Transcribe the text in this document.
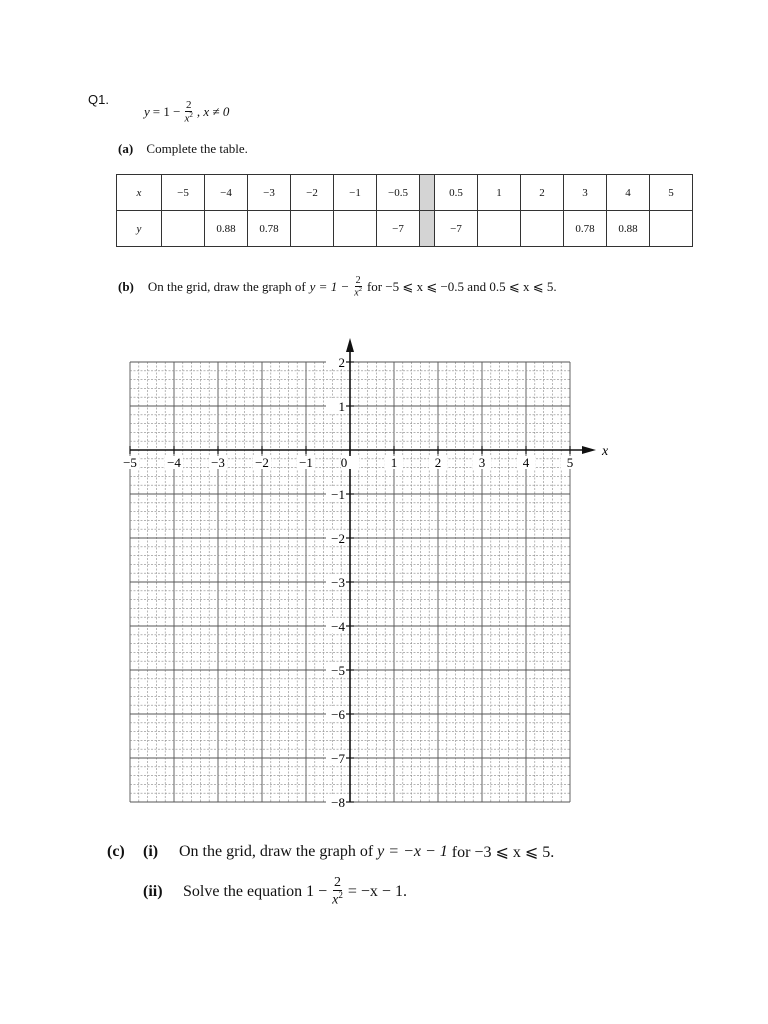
Q1.
$y = 1 - \frac{2}{x^2}$ , x ≠ 0
(a) Complete the table.
x	−5	−4	−3	−2	−1	−0.5		0.5	1	2	3	4	5
y		0.88	0.78			−7		−7			0.78	0.88	
(b) On the grid, draw the graph of $y = 1 - \frac{2}{x^2}$ for −5 ⩽ x ⩽ −0.5 and 0.5 ⩽ x ⩽ 5.
x
−5 −4 −3 −2 −1 0	1	2	3	4	5
2
1
−1
−2
−3
−4
−5
−6
−7
−8
(c)	(i)	On the grid, draw the graph of
y = −x − 1
for −3 ⩽ x ⩽ 5.
(ii)	Solve the equation $1 - \frac{2}{x^2} = -x - 1$.
